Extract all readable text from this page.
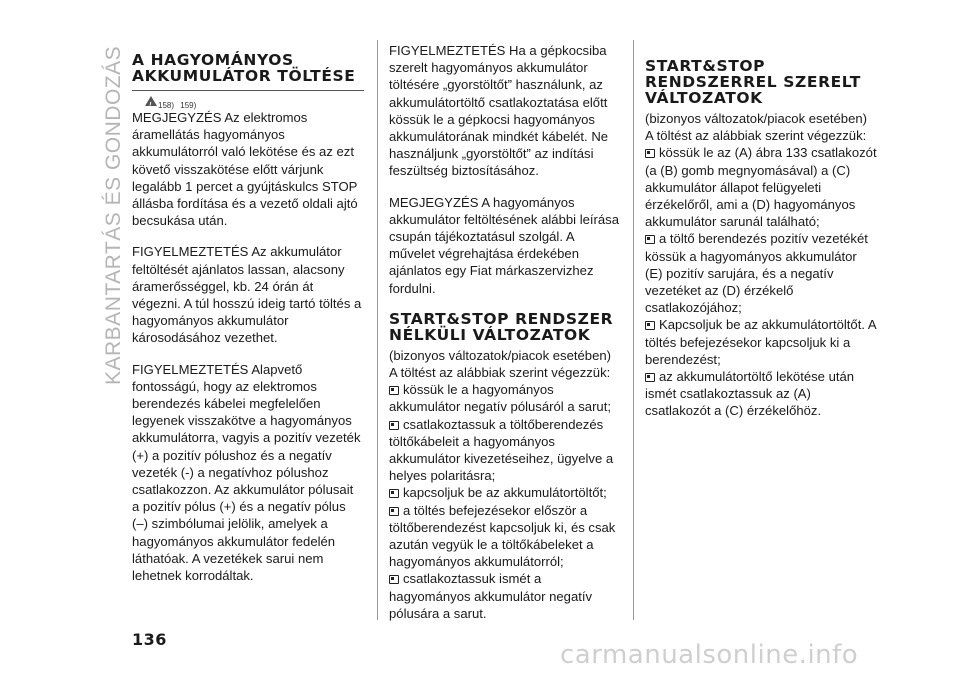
KARBANTARTÁS ÉS GONDOZÁS A HAGYOMÁNYOS AKKUMULÁTOR TÖLTÉSE
!
158) 159)

MEGJEGYZÉS Az elektromos áramellátás hagyományos akkumulátorról való lekötése és az ezt követő visszakötése előtt várjunk legalább 1 percet a gyújtáskulcs STOP állásba fordítása és a vezető oldali ajtó becsukása után.

FIGYELMEZTETÉS Az akkumulátor feltöltését ajánlatos lassan, alacsony áramerősséggel, kb. 24 órán át végezni. A túl hosszú ideig tartó töltés a hagyományos akkumulátor károsodásához vezethet.

FIGYELMEZTETÉS Alapvető fontosságú, hogy az elektromos berendezés kábelei megfelelően legyenek visszakötve a hagyományos akkumulátorra, vagyis a pozitív vezeték (+) a pozitív pólushoz és a negatív vezeték (-) a negatívhoz pólushoz csatlakozzon. Az akkumulátor pólusait a pozitív pólus (+) és a negatív pólus (–) szimbólumai jelölik, amelyek a hagyományos akkumulátor fedelén láthatóak. A vezetékek sarui nem lehetnek korrodáltak.

FIGYELMEZTETÉS Ha a gépkocsiba szerelt hagyományos akkumulátor töltésére „gyorstöltőt” használunk, az akkumulátortöltő csatlakoztatása előtt kössük le a gépkocsi hagyományos akkumulátorának mindkét kábelét. Ne használjunk „gyorstöltőt” az indítási feszültség biztosításához.

MEGJEGYZÉS A hagyományos akkumulátor feltöltésének alábbi leírása csupán tájékoztatásul szolgál. A művelet végrehajtása érdekében ajánlatos egy Fiat márkaszervizhez fordulni.

START&STOP RENDSZER NÉLKÜLI VÁLTOZATOK

(bizonyos változatok/piacok esetében)

A töltést az alábbiak szerint végezzük:

kössük le a hagyományos akkumulátor negatív pólusáról a sarut;
csatlakoztassuk a töltőberendezés töltőkábeleit a hagyományos akkumulátor kivezetéseihez, ügyelve a helyes polaritásra;
kapcsoljuk be az akkumulátortöltőt;
a töltés befejezésekor először a töltőberendezést kapcsoljuk ki, és csak azután vegyük le a töltőkábeleket a hagyományos akkumulátorról;
csatlakoztassuk ismét a hagyományos akkumulátor negatív pólusára a sarut.
START&STOP RENDSZERREL SZERELT VÁLTOZATOK

(bizonyos változatok/piacok esetében)

A töltést az alábbiak szerint végezzük:

kössük le az (A) ábra 133 csatlakozót (a (B) gomb megnyomásával) a (C) akkumulátor állapot felügyeleti érzékelőről, ami a (D) hagyományos akkumulátor sarunál található;
a töltő berendezés pozitív vezetékét kössük a hagyományos akkumulátor (E) pozitív sarujára, és a negatív vezetéket az (D) érzékelő csatlakozójához;
Kapcsoljuk be az akkumulátortöltőt. A töltés befejezésekor kapcsoljuk ki a berendezést;
az akkumulátortöltő lekötése után ismét csatlakoztassuk az (A) csatlakozót a (C) érzékelőhöz.
136
carmanualsonline.info
